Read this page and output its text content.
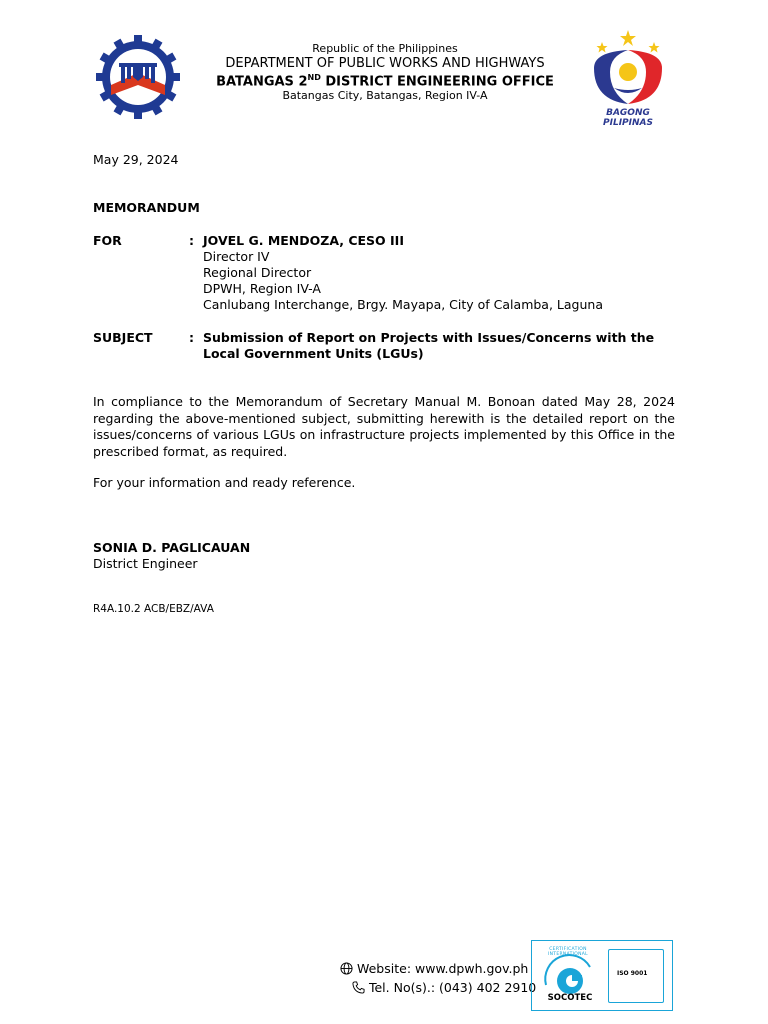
Republic of the Philippines
DEPARTMENT OF PUBLIC WORKS AND HIGHWAYS
BATANGAS 2ND DISTRICT ENGINEERING OFFICE
Batangas City, Batangas, Region IV-A
BAGONG PILIPINAS
May 29, 2024
MEMORANDUM
FOR	: JOVEL G. MENDOZA, CESO III
Director IV
Regional Director
DPWH, Region IV-A
Canlubang Interchange, Brgy. Mayapa, City of Calamba, Laguna
SUBJECT	: Submission of Report on Projects with Issues/Concerns with the
Local Government Units (LGUs)
In compliance to the Memorandum of Secretary Manual M. Bonoan dated May 28, 2024 regarding the above-mentioned subject, submitting herewith is the detailed report on the issues/concerns of various LGUs on infrastructure projects implemented by this Office in the prescribed format, as required.
For your information and ready reference.
SONIA D. PAGLICAUAN
District Engineer
R4A.10.2 ACB/EBZ/AVA
Website: www.dpwh.gov.ph
Tel. No(s).: (043) 402 2910
CERTIFICATION INTERNATIONAL
SOCOTEC
ISO 9001
